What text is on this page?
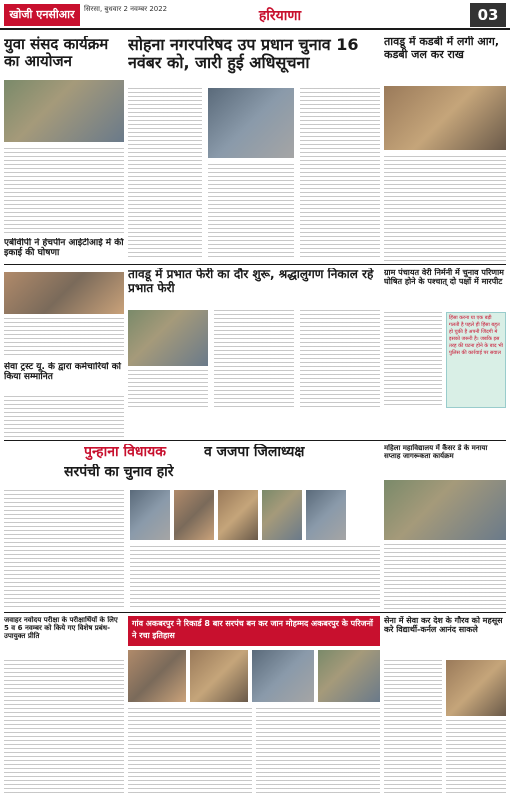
खोजी एनसीआर	सिरसा, बुधवार 2 नवम्बर 2022	हरियाणा	03
युवा संसद कार्यक्रम का आयोजन
सोहना नगरपरिषद उप प्रधान चुनाव 16 नवंबर को, जारी हुई अधिसूचना
तावडू में कडबी में लगी आग, कडबी जल कर राख
एबीवीपी ने हेचपीन आईटीआई में की इकाई की घोषणा
तावडू में प्रभात फेरी का दौर शुरू, श्रद्धालुगण निकाल रहे प्रभात फेरी
ग्राम पंचायत वेरी निर्मनी में चुनाव परिणाम घोषित होने के पश्चात् दो पक्षों में मारपीट
हिंसा करना या एक बड़ी गलती है पहले ही हिंसा बहुत हो चुकी है अपनी जिंदगी मे इसको जरूरी है। जबकि इस तरह की घटना होने के बाद भी पुलिस की कार्रवाई पर सवाल
सेवा ट्रस्ट यू. के द्वारा कर्मचारियों को किया सम्मानित
पुन्हाना विधायक	व जजपा जिलाध्यक्ष
सरपंची का चुनाव हारे
महिला महाविद्यालय में कैंसर डे के मनाया सप्ताह जागरूकता कार्यक्रम
जवाहर नवोदय परीक्षा के परीक्षार्थियों के लिए 5 व 6 नवम्बर को किये गए विशेष प्रबंध-उपायुक्त प्रीति
गांव अकबरपुर ने रिकार्ड 8 बार सरपंच बन कर जान मोहम्मद अकबरपुर के परिजनों ने रचा इतिहास
सेना में सेवा कर देश के गौरव को महसूस करे विद्यार्थी-कर्नल आनंद साकले
